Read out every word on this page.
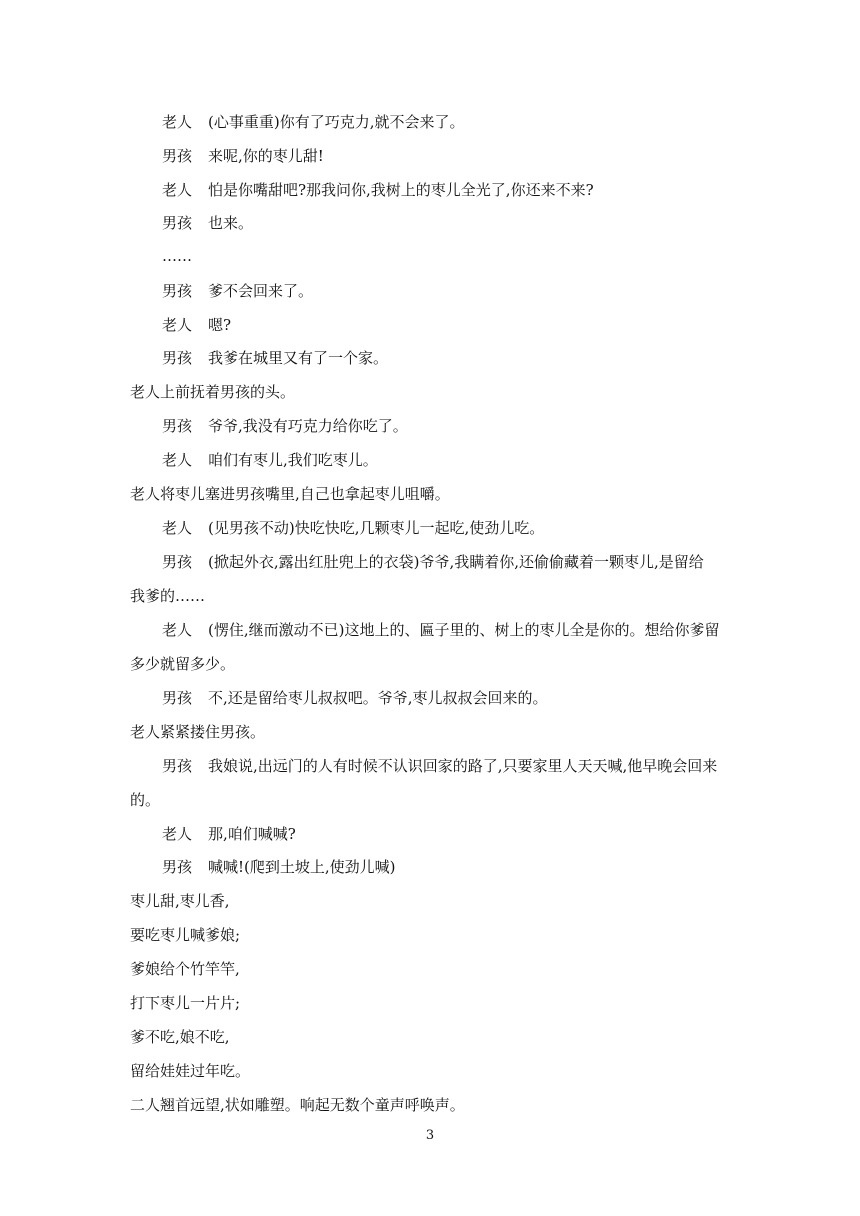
老人 (心事重重)你有了巧克力,就不会来了。
男孩 来呢,你的枣儿甜!
老人 怕是你嘴甜吧?那我问你,我树上的枣儿全光了,你还来不来?
男孩 也来。
……
男孩 爹不会回来了。
老人 嗯?
男孩 我爹在城里又有了一个家。
老人上前抚着男孩的头。
男孩 爷爷,我没有巧克力给你吃了。
老人 咱们有枣儿,我们吃枣儿。
老人将枣儿塞进男孩嘴里,自己也拿起枣儿咀嚼。
老人 (见男孩不动)快吃快吃,几颗枣儿一起吃,使劲儿吃。
男孩 (掀起外衣,露出红肚兜上的衣袋)爷爷,我瞒着你,还偷偷藏着一颗枣儿,是留给
我爹的……
老人 (愣住,继而激动不已)这地上的、匾子里的、树上的枣儿全是你的。想给你爹留
多少就留多少。
男孩 不,还是留给枣儿叔叔吧。爷爷,枣儿叔叔会回来的。
老人紧紧搂住男孩。
男孩 我娘说,出远门的人有时候不认识回家的路了,只要家里人天天喊,他早晚会回来
的。
老人 那,咱们喊喊?
男孩 喊喊!(爬到土坡上,使劲儿喊)
枣儿甜,枣儿香,
要吃枣儿喊爹娘;
爹娘给个竹竿竿,
打下枣儿一片片;
爹不吃,娘不吃,
留给娃娃过年吃。
二人翘首远望,状如雕塑。响起无数个童声呼唤声。
3
